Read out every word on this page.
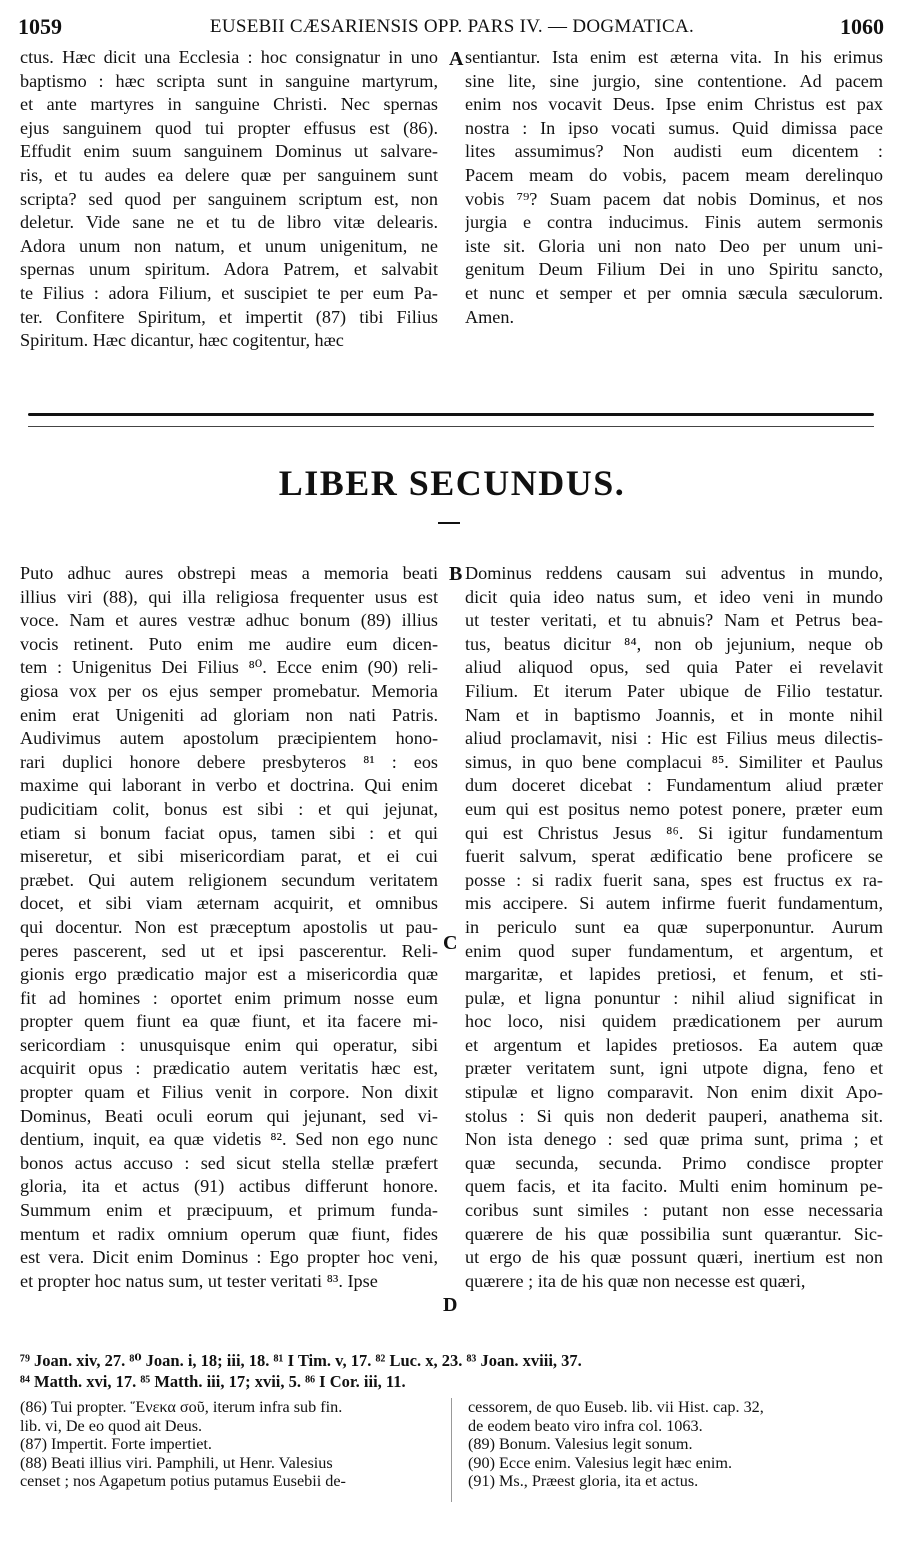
1059	EUSEBII CÆSARIENSIS OPP. PARS IV. — DOGMATICA.	1060
ctus. Hæc dicit una Ecclesia : hoc consignatur in uno
baptismo : hæc scripta sunt in sanguine martyrum,
et ante martyres in sanguine Christi. Nec spernas
ejus sanguinem quod tui propter effusus est (86).
Effudit enim suum sanguinem Dominus ut salvare-
ris, et tu audes ea delere quæ per sanguinem sunt
scripta? sed quod per sanguinem scriptum est, non
deletur. Vide sane ne et tu de libro vitæ delearis.
Adora unum non natum, et unum unigenitum, ne
spernas unum spiritum. Adora Patrem, et salvabit
te Filius : adora Filium, et suscipiet te per eum Pa-
ter. Confitere Spiritum, et impertit (87) tibi Filius
Spiritum. Hæc dicantur, hæc cogitentur, hæc
sentiantur. Ista enim est æterna vita. In his erimus
sine lite, sine jurgio, sine contentione. Ad pacem
enim nos vocavit Deus. Ipse enim Christus est pax
nostra : In ipso vocati sumus. Quid dimissa pace
lites assumimus? Non audisti eum dicentem :
Pacem meam do vobis, pacem meam derelinquo
vobis ⁷⁹? Suam pacem dat nobis Dominus, et nos
jurgia e contra inducimus. Finis autem sermonis
iste sit. Gloria uni non nato Deo per unum uni-
genitum Deum Filium Dei in uno Spiritu sancto,
et nunc et semper et per omnia sæcula sæculorum.
Amen.
A
LIBER SECUNDUS.
Puto adhuc aures obstrepi meas a memoria beati
illius viri (88), qui illa religiosa frequenter usus est
voce. Nam et aures vestræ adhuc bonum (89) illius
vocis retinent. Puto enim me audire eum dicen-
tem : Unigenitus Dei Filius ⁸⁰. Ecce enim (90) reli-
giosa vox per os ejus semper promebatur. Memoria
enim erat Unigeniti ad gloriam non nati Patris.
Audivimus autem apostolum præcipientem hono-
rari duplici honore debere presbyteros ⁸¹ : eos
maxime qui laborant in verbo et doctrina. Qui enim
pudicitiam colit, bonus est sibi : et qui jejunat,
etiam si bonum faciat opus, tamen sibi : et qui
miseretur, et sibi misericordiam parat, et ei cui
præbet. Qui autem religionem secundum veritatem
docet, et sibi viam æternam acquirit, et omnibus
qui docentur. Non est præceptum apostolis ut pau-
peres pascerent, sed ut et ipsi pascerentur. Reli-
gionis ergo prædicatio major est a misericordia quæ
fit ad homines : oportet enim primum nosse eum
propter quem fiunt ea quæ fiunt, et ita facere mi-
sericordiam : unusquisque enim qui operatur, sibi
acquirit opus : prædicatio autem veritatis hæc est,
propter quam et Filius venit in corpore. Non dixit
Dominus, Beati oculi eorum qui jejunant, sed vi-
dentium, inquit, ea quæ videtis ⁸². Sed non ego nunc
bonos actus accuso : sed sicut stella stellæ præfert
gloria, ita et actus (91) actibus differunt honore.
Summum enim et præcipuum, et primum funda-
mentum et radix omnium operum quæ fiunt, fides
est vera. Dicit enim Dominus : Ego propter hoc veni,
et propter hoc natus sum, ut tester veritati ⁸³. Ipse
Dominus reddens causam sui adventus in mundo,
dicit quia ideo natus sum, et ideo veni in mundo
ut tester veritati, et tu abnuis? Nam et Petrus bea-
tus, beatus dicitur ⁸⁴, non ob jejunium, neque ob
aliud aliquod opus, sed quia Pater ei revelavit
Filium. Et iterum Pater ubique de Filio testatur.
Nam et in baptismo Joannis, et in monte nihil
aliud proclamavit, nisi : Hic est Filius meus dilectis-
simus, in quo bene complacui ⁸⁵. Similiter et Paulus
dum doceret dicebat : Fundamentum aliud præter
eum qui est positus nemo potest ponere, præter eum
qui est Christus Jesus ⁸⁶. Si igitur fundamentum
fuerit salvum, sperat ædificatio bene proficere se
posse : si radix fuerit sana, spes est fructus ex ra-
mis accipere. Si autem infirme fuerit fundamentum,
in periculo sunt ea quæ superponuntur. Aurum
enim quod super fundamentum, et argentum, et
margaritæ, et lapides pretiosi, et fenum, et sti-
pulæ, et ligna ponuntur : nihil aliud significat in
hoc loco, nisi quidem prædicationem per aurum
et argentum et lapides pretiosos. Ea autem quæ
præter veritatem sunt, igni utpote digna, feno et
stipulæ et ligno comparavit. Non enim dixit Apo-
stolus : Si quis non dederit pauperi, anathema sit.
Non ista denego : sed quæ prima sunt, prima ; et
quæ secunda, secunda. Primo condisce propter
quem facis, et ita facito. Multi enim hominum pe-
coribus sunt similes : putant non esse necessaria
quærere de his quæ possibilia sunt quærantur. Sic-
ut ergo de his quæ possunt quæri, inertium est non
quærere ; ita de his quæ non necesse est quæri,
B
C
D
⁷⁹ Joan. xiv, 27. ⁸⁰ Joan. i, 18; iii, 18. ⁸¹ I Tim. v, 17. ⁸² Luc. x, 23. ⁸³ Joan. xviii, 37.
⁸⁴ Matth. xvi, 17. ⁸⁵ Matth. iii, 17; xvii, 5. ⁸⁶ I Cor. iii, 11.
(86) Tui propter. Ἕνεκα σοῦ, iterum infra sub fin.
lib. vi, De eo quod ait Deus.
(87) Impertit. Forte impertiet.
(88) Beati illius viri. Pamphili, ut Henr. Valesius
censet ; nos Agapetum potius putamus Eusebii de-
cessorem, de quo Euseb. lib. vii Hist. cap. 32,
de eodem beato viro infra col. 1063.
(89) Bonum. Valesius legit sonum.
(90) Ecce enim. Valesius legit hæc enim.
(91) Ms., Præest gloria, ita et actus.
